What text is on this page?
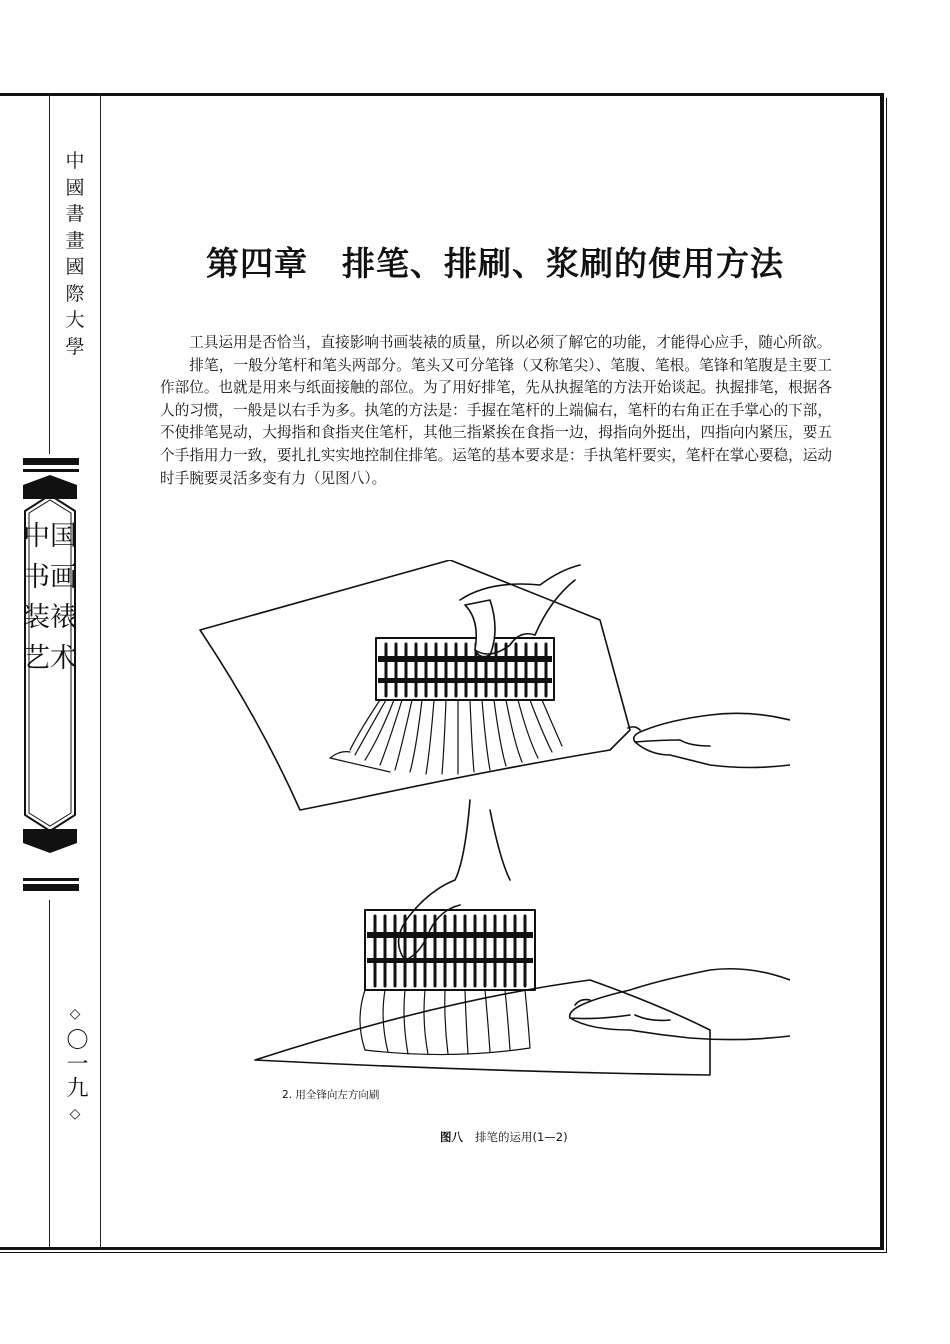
中國書畫國際大學
中国书画装裱艺术
◇
〇一九
◇
第四章　排笔、排刷、浆刷的使用方法

工具运用是否恰当，直接影响书画装裱的质量，所以必须了解它的功能，才能得心应手，随心所欲。

排笔，一般分笔杆和笔头两部分。笔头又可分笔锋（又称笔尖）、笔腹、笔根。笔锋和笔腹是主要工作部位。也就是用来与纸面接触的部位。为了用好排笔，先从执握笔的方法开始谈起。执握排笔，根据各人的习惯，一般是以右手为多。执笔的方法是：手握在笔杆的上端偏右，笔杆的右角正在手掌心的下部，不使排笔晃动，大拇指和食指夹住笔杆，其他三指紧挨在食指一边，拇指向外挺出，四指向内紧压，要五个手指用力一致，要扎扎实实地控制住排笔。运笔的基本要求是：手执笔杆要实，笔杆在掌心要稳，运动时手腕要灵活多变有力（见图八）。

2. 用全锋向左方向刷
图八 排笔的运用(1—2)
